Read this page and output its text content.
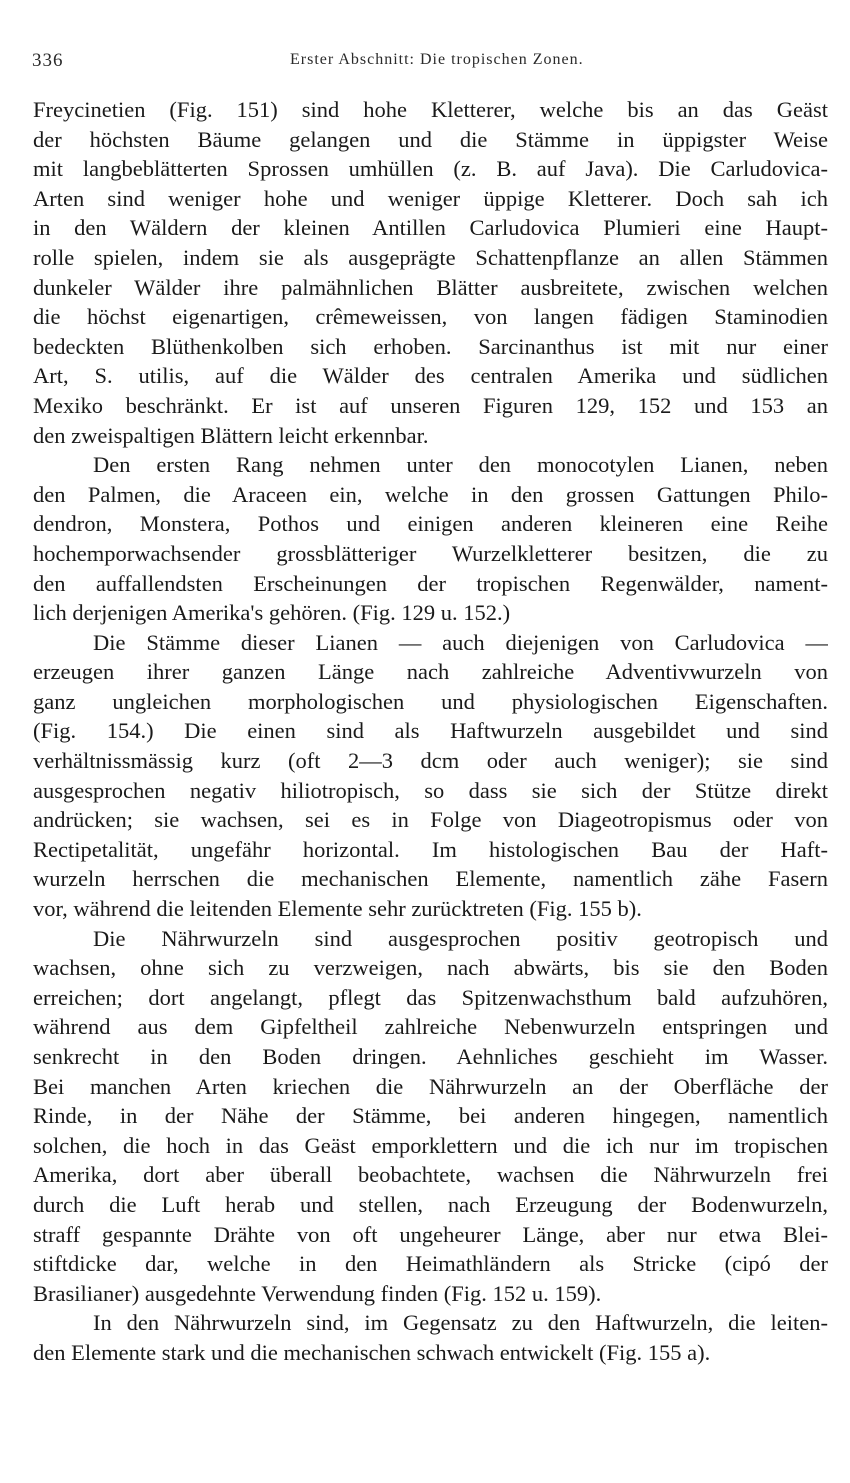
336	Erster Abschnitt: Die tropischen Zonen.
Freycinetien (Fig. 151) sind hohe Kletterer, welche bis an das Geäst
der höchsten Bäume gelangen und die Stämme in üppigster Weise
mit langbeblätterten Sprossen umhüllen (z. B. auf Java). Die Carludovica-
Arten sind weniger hohe und weniger üppige Kletterer. Doch sah ich
in den Wäldern der kleinen Antillen Carludovica Plumieri eine Haupt-
rolle spielen, indem sie als ausgeprägte Schattenpflanze an allen Stämmen
dunkeler Wälder ihre palmähnlichen Blätter ausbreitete, zwischen welchen
die höchst eigenartigen, crêmeweissen, von langen fädigen Staminodien
bedeckten Blüthenkolben sich erhoben. Sarcinanthus ist mit nur einer
Art, S. utilis, auf die Wälder des centralen Amerika und südlichen
Mexiko beschränkt. Er ist auf unseren Figuren 129, 152 und 153 an
den zweispaltigen Blättern leicht erkennbar.
Den ersten Rang nehmen unter den monocotylen Lianen, neben
den Palmen, die Araceen ein, welche in den grossen Gattungen Philo-
dendron, Monstera, Pothos und einigen anderen kleineren eine Reihe
hochemporwachsender grossblätteriger Wurzelkletterer besitzen, die zu
den auffallendsten Erscheinungen der tropischen Regenwälder, nament-
lich derjenigen Amerika's gehören. (Fig. 129 u. 152.)
Die Stämme dieser Lianen — auch diejenigen von Carludovica —
erzeugen ihrer ganzen Länge nach zahlreiche Adventivwurzeln von
ganz ungleichen morphologischen und physiologischen Eigenschaften.
(Fig. 154.) Die einen sind als Haftwurzeln ausgebildet und sind
verhältnissmässig kurz (oft 2—3 dcm oder auch weniger); sie sind
ausgesprochen negativ hiliotropisch, so dass sie sich der Stütze direkt
andrücken; sie wachsen, sei es in Folge von Diageotropismus oder von
Rectipetalität, ungefähr horizontal. Im histologischen Bau der Haft-
wurzeln herrschen die mechanischen Elemente, namentlich zähe Fasern
vor, während die leitenden Elemente sehr zurücktreten (Fig. 155 b).
Die Nährwurzeln sind ausgesprochen positiv geotropisch und
wachsen, ohne sich zu verzweigen, nach abwärts, bis sie den Boden
erreichen; dort angelangt, pflegt das Spitzenwachsthum bald aufzuhören,
während aus dem Gipfeltheil zahlreiche Nebenwurzeln entspringen und
senkrecht in den Boden dringen. Aehnliches geschieht im Wasser.
Bei manchen Arten kriechen die Nährwurzeln an der Oberfläche der
Rinde, in der Nähe der Stämme, bei anderen hingegen, namentlich
solchen, die hoch in das Geäst emporklettern und die ich nur im tropischen
Amerika, dort aber überall beobachtete, wachsen die Nährwurzeln frei
durch die Luft herab und stellen, nach Erzeugung der Bodenwurzeln,
straff gespannte Drähte von oft ungeheurer Länge, aber nur etwa Blei-
stiftdicke dar, welche in den Heimathländern als Stricke (cipó der
Brasilianer) ausgedehnte Verwendung finden (Fig. 152 u. 159).
In den Nährwurzeln sind, im Gegensatz zu den Haftwurzeln, die leiten-
den Elemente stark und die mechanischen schwach entwickelt (Fig. 155 a).
